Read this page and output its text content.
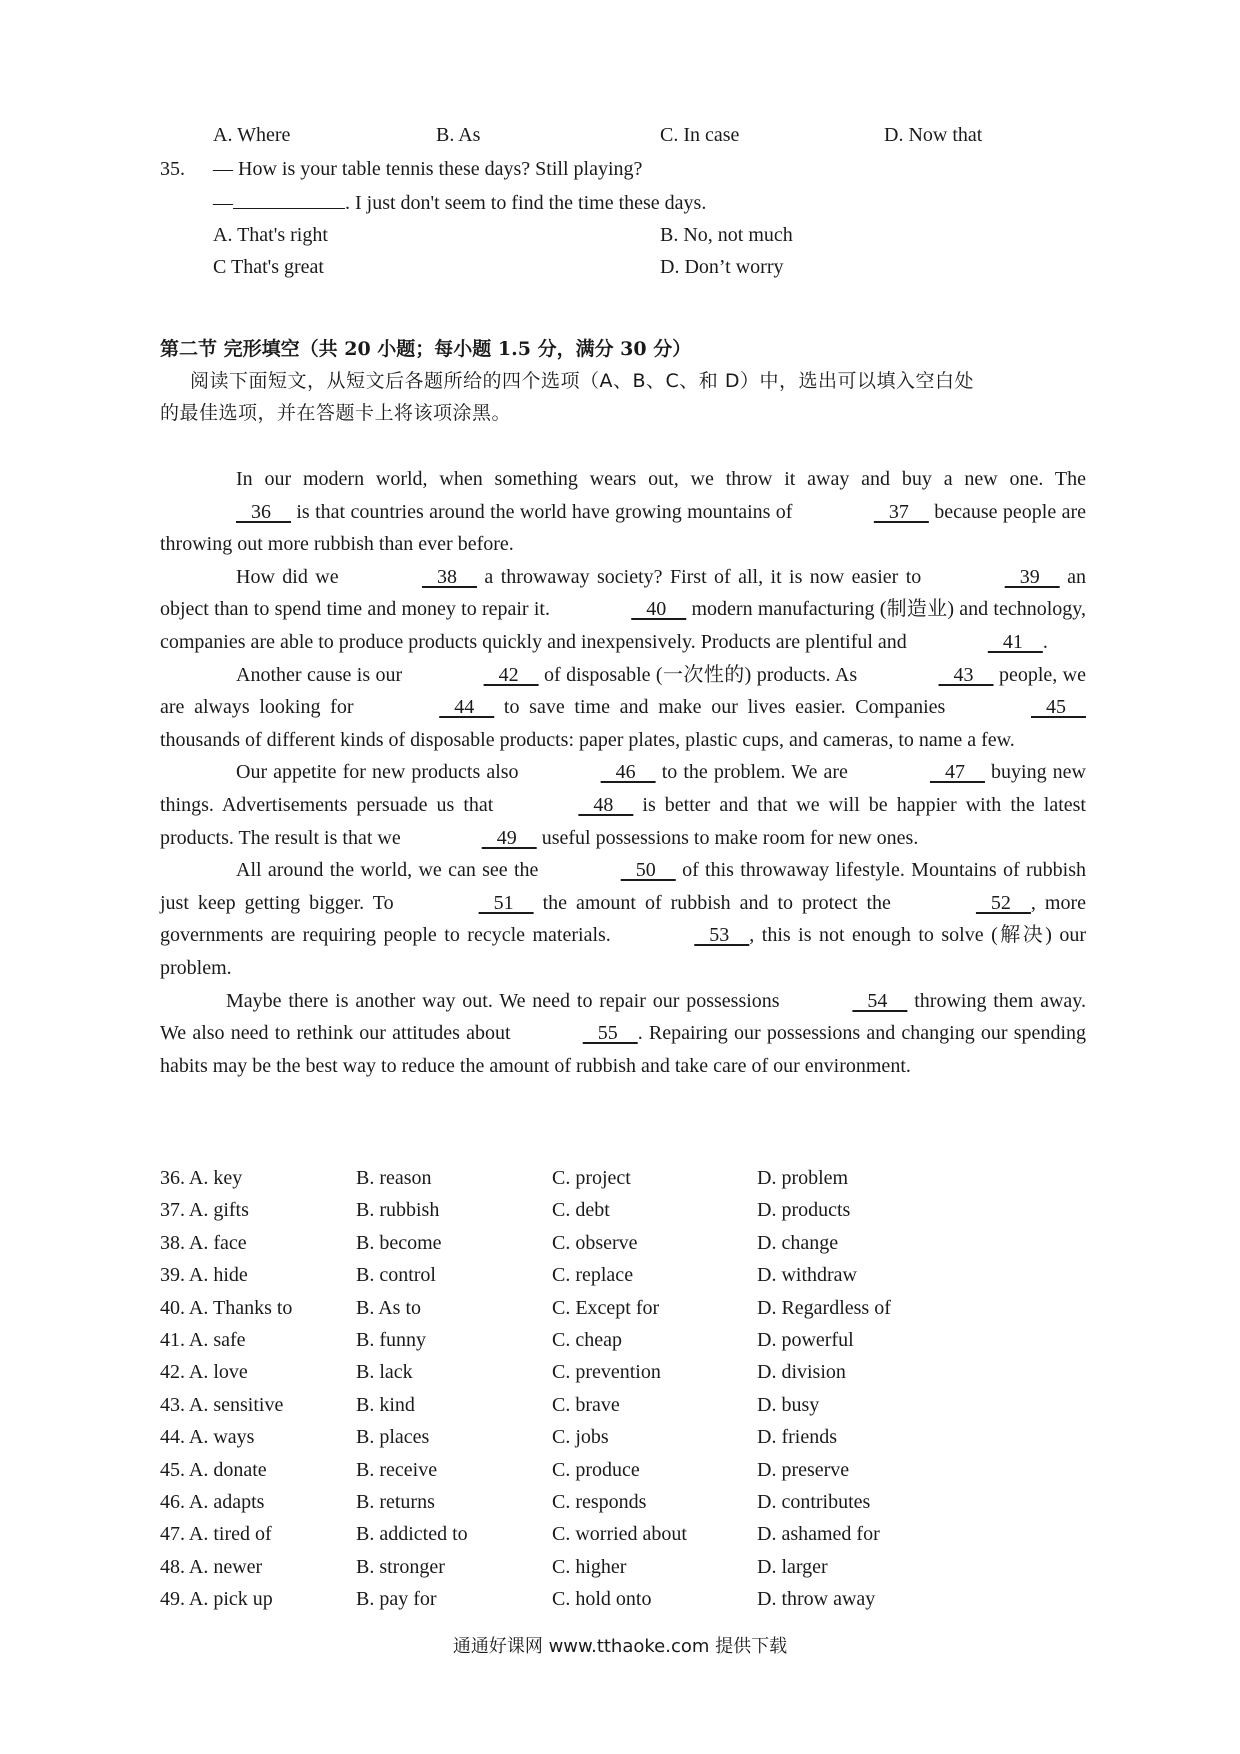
A. Where	B. As	C. In case	D. Now that
35. — How is your table tennis these days? Still playing?
—	. I just don't seem to find the time these days.
A. That's right	B. No, not much
C That's great	D. Don’t worry
第二节 完形填空（共 20 小题；每小题 1.5 分，满分 30 分）
阅读下面短文，从短文后各题所给的四个选项（A、B、C、和 D）中，选出可以填入空白处
的最佳选项，并在答题卡上将该项涂黑。

In our modern world, when something wears out, we throw it away and buy a new one. The    36     is that countries around the world have growing mountains of	37     because people are throwing out more rubbish than ever before.

How did we	38     a throwaway society? First of all, it is now easier to	39     an object than to spend time and money to repair it.	40     modern manufacturing (制造业) and technology, companies are able to produce products quickly and inexpensively. Products are plentiful and	41    .

Another cause is our	42     of disposable (一次性的) products. As	43     people, we are always looking for	44     to save time and make our lives easier. Companies	45     thousands of different kinds of disposable products: paper plates, plastic cups, and cameras, to name a few.

Our appetite for new products also	46     to the problem. We are	47     buying new things. Advertisements persuade us that	48     is better and that we will be happier with the latest products. The result is that we	49     useful possessions to make room for new ones.

All around the world, we can see the	50     of this throwaway lifestyle. Mountains of rubbish just keep getting bigger. To	51     the amount of rubbish and to protect the	52    , more governments are requiring people to recycle materials.	53    , this is not enough to solve (解决) our problem.

Maybe there is another way out. We need to repair our possessions	54     throwing them away. We also need to rethink our attitudes about	55    . Repairing our possessions and changing our spending habits may be the best way to reduce the amount of rubbish and take care of our environment.

36. A. key	B. reason	C. project	D. problem
37. A. gifts	B. rubbish	C. debt	D. products
38. A. face	B. become	C. observe	D. change
39. A. hide	B. control	C. replace	D. withdraw
40. A. Thanks to	B. As to	C. Except for	D. Regardless of
41. A. safe	B. funny	C. cheap	D. powerful
42. A. love	B. lack	C. prevention	D. division
43. A. sensitive	B. kind	C. brave	D. busy
44. A. ways	B. places	C. jobs	D. friends
45. A. donate	B. receive	C. produce	D. preserve
46. A. adapts	B. returns	C. responds	D. contributes
47. A. tired of	B. addicted to	C. worried about	D. ashamed for
48. A. newer	B. stronger	C. higher	D. larger
49. A. pick up	B. pay for	C. hold onto	D. throw away
通通好课网 www.tthaoke.com 提供下载
